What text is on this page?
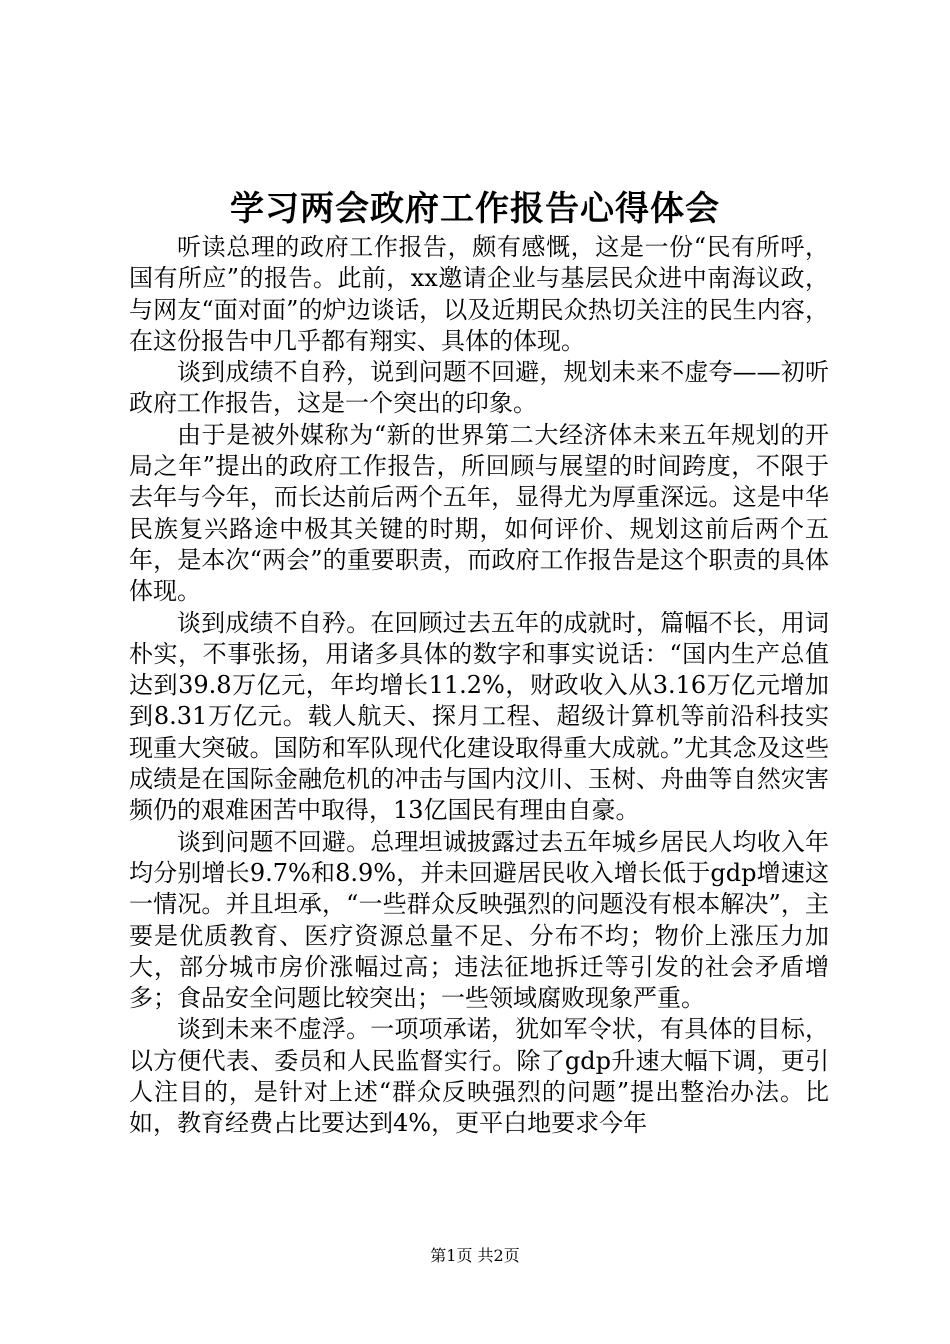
学习两会政府工作报告心得体会

听读总理的政府工作报告，颇有感慨，这是一份“民有所呼，国有所应”的报告。此前，xx邀请企业与基层民众进中南海议政，与网友“面对面”的炉边谈话，以及近期民众热切关注的民生内容，在这份报告中几乎都有翔实、具体的体现。

谈到成绩不自矜，说到问题不回避，规划未来不虚夸——初听政府工作报告，这是一个突出的印象。

由于是被外媒称为“新的世界第二大经济体未来五年规划的开局之年”提出的政府工作报告，所回顾与展望的时间跨度，不限于去年与今年，而长达前后两个五年，显得尤为厚重深远。这是中华民族复兴路途中极其关键的时期，如何评价、规划这前后两个五年，是本次“两会”的重要职责，而政府工作报告是这个职责的具体体现。

谈到成绩不自矜。在回顾过去五年的成就时，篇幅不长，用词朴实，不事张扬，用诸多具体的数字和事实说话：“国内生产总值达到39.8万亿元，年均增长11.2%，财政收入从3.16万亿元增加到8.31万亿元。载人航天、探月工程、超级计算机等前沿科技实现重大突破。国防和军队现代化建设取得重大成就。”尤其念及这些成绩是在国际金融危机的冲击与国内汶川、玉树、舟曲等自然灾害频仍的艰难困苦中取得，13亿国民有理由自豪。

谈到问题不回避。总理坦诚披露过去五年城乡居民人均收入年均分别增长9.7%和8.9%，并未回避居民收入增长低于gdp增速这一情况。并且坦承，“一些群众反映强烈的问题没有根本解决”，主要是优质教育、医疗资源总量不足、分布不均；物价上涨压力加大，部分城市房价涨幅过高；违法征地拆迁等引发的社会矛盾增多；食品安全问题比较突出；一些领域腐败现象严重。

谈到未来不虚浮。一项项承诺，犹如军令状，有具体的目标，以方便代表、委员和人民监督实行。除了gdp升速大幅下调，更引人注目的，是针对上述“群众反映强烈的问题”提出整治办法。比如，教育经费占比要达到4%，更平白地要求今年

第1页 共2页
